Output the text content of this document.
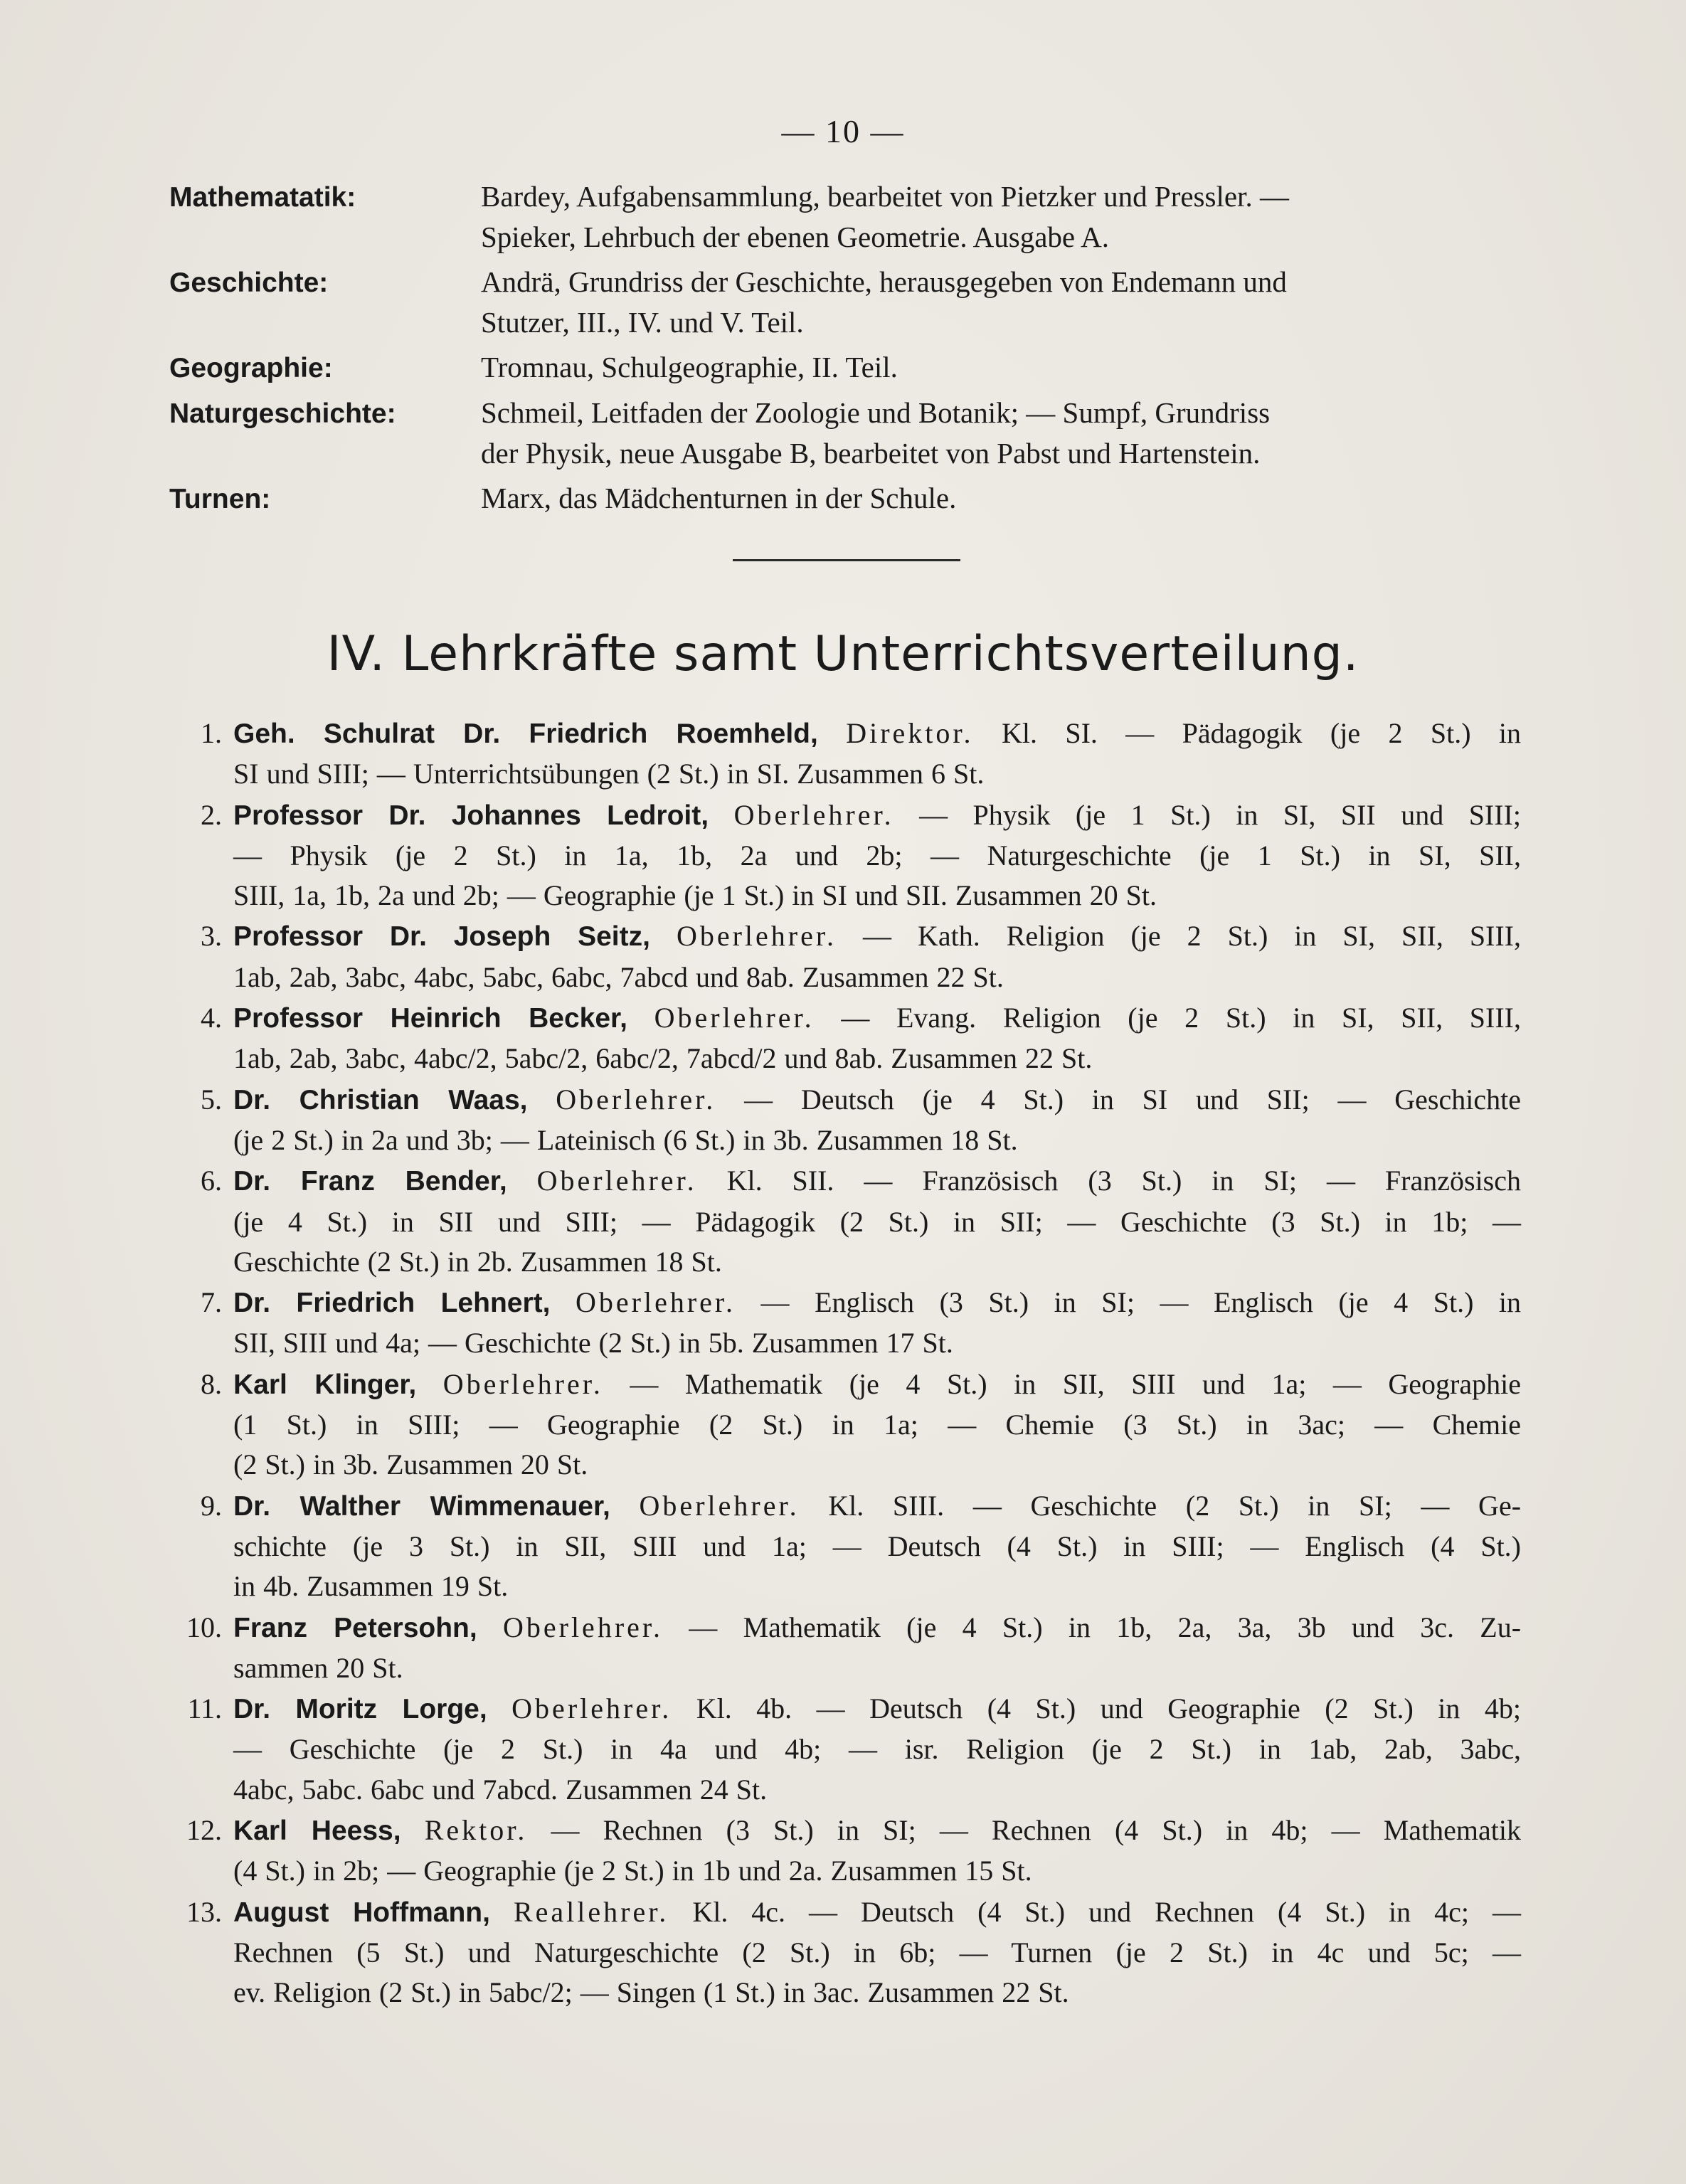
— 10 —
Mathematatik:	Bardey, Aufgabensammlung, bearbeitet von Pietzker und Pressler. —
Spieker, Lehrbuch der ebenen Geometrie. Ausgabe A.
Geschichte:	Andrä, Grundriss der Geschichte, herausgegeben von Endemann und
Stutzer, III., IV. und V. Teil.
Geographie:	Tromnau, Schulgeographie, II. Teil.
Naturgeschichte:	Schmeil, Leitfaden der Zoologie und Botanik; — Sumpf, Grundriss
der Physik, neue Ausgabe B, bearbeitet von Pabst und Hartenstein.
Turnen:	Marx, das Mädchenturnen in der Schule.
IV. Lehrkräfte samt Unterrichtsverteilung.
1. Geh. Schulrat Dr. Friedrich Roemheld, Direktor. Kl. SI. — Pädagogik (je 2 St.) in
SI und SIII; — Unterrichtsübungen (2 St.) in SI. Zusammen 6 St.
2. Professor Dr. Johannes Ledroit, Oberlehrer. — Physik (je 1 St.) in SI, SII und SIII;
— Physik (je 2 St.) in 1a, 1b, 2a und 2b; — Naturgeschichte (je 1 St.) in SI, SII,
SIII, 1a, 1b, 2a und 2b; — Geographie (je 1 St.) in SI und SII. Zusammen 20 St.
3. Professor Dr. Joseph Seitz, Oberlehrer. — Kath. Religion (je 2 St.) in SI, SII, SIII,
1ab, 2ab, 3abc, 4abc, 5abc, 6abc, 7abcd und 8ab. Zusammen 22 St.
4. Professor Heinrich Becker, Oberlehrer. — Evang. Religion (je 2 St.) in SI, SII, SIII,
1ab, 2ab, 3abc, 4abc/2, 5abc/2, 6abc/2, 7abcd/2 und 8ab. Zusammen 22 St.
5. Dr. Christian Waas, Oberlehrer. — Deutsch (je 4 St.) in SI und SII; — Geschichte
(je 2 St.) in 2a und 3b; — Lateinisch (6 St.) in 3b. Zusammen 18 St.
6. Dr. Franz Bender, Oberlehrer. Kl. SII. — Französisch (3 St.) in SI; — Französisch
(je 4 St.) in SII und SIII; — Pädagogik (2 St.) in SII; — Geschichte (3 St.) in 1b; —
Geschichte (2 St.) in 2b. Zusammen 18 St.
7. Dr. Friedrich Lehnert, Oberlehrer. — Englisch (3 St.) in SI; — Englisch (je 4 St.) in
SII, SIII und 4a; — Geschichte (2 St.) in 5b. Zusammen 17 St.
8. Karl Klinger, Oberlehrer. — Mathematik (je 4 St.) in SII, SIII und 1a; — Geographie
(1 St.) in SIII; — Geographie (2 St.) in 1a; — Chemie (3 St.) in 3ac; — Chemie
(2 St.) in 3b. Zusammen 20 St.
9. Dr. Walther Wimmenauer, Oberlehrer. Kl. SIII. — Geschichte (2 St.) in SI; — Ge-
schichte (je 3 St.) in SII, SIII und 1a; — Deutsch (4 St.) in SIII; — Englisch (4 St.)
in 4b. Zusammen 19 St.
10. Franz Petersohn, Oberlehrer. — Mathematik (je 4 St.) in 1b, 2a, 3a, 3b und 3c. Zu-
sammen 20 St.
11. Dr. Moritz Lorge, Oberlehrer. Kl. 4b. — Deutsch (4 St.) und Geographie (2 St.) in 4b;
— Geschichte (je 2 St.) in 4a und 4b; — isr. Religion (je 2 St.) in 1ab, 2ab, 3abc,
4abc, 5abc. 6abc und 7abcd. Zusammen 24 St.
12. Karl Heess, Rektor. — Rechnen (3 St.) in SI; — Rechnen (4 St.) in 4b; — Mathematik
(4 St.) in 2b; — Geographie (je 2 St.) in 1b und 2a. Zusammen 15 St.
13. August Hoffmann, Reallehrer. Kl. 4c. — Deutsch (4 St.) und Rechnen (4 St.) in 4c; —
Rechnen (5 St.) und Naturgeschichte (2 St.) in 6b; — Turnen (je 2 St.) in 4c und 5c; —
ev. Religion (2 St.) in 5abc/2; — Singen (1 St.) in 3ac. Zusammen 22 St.
